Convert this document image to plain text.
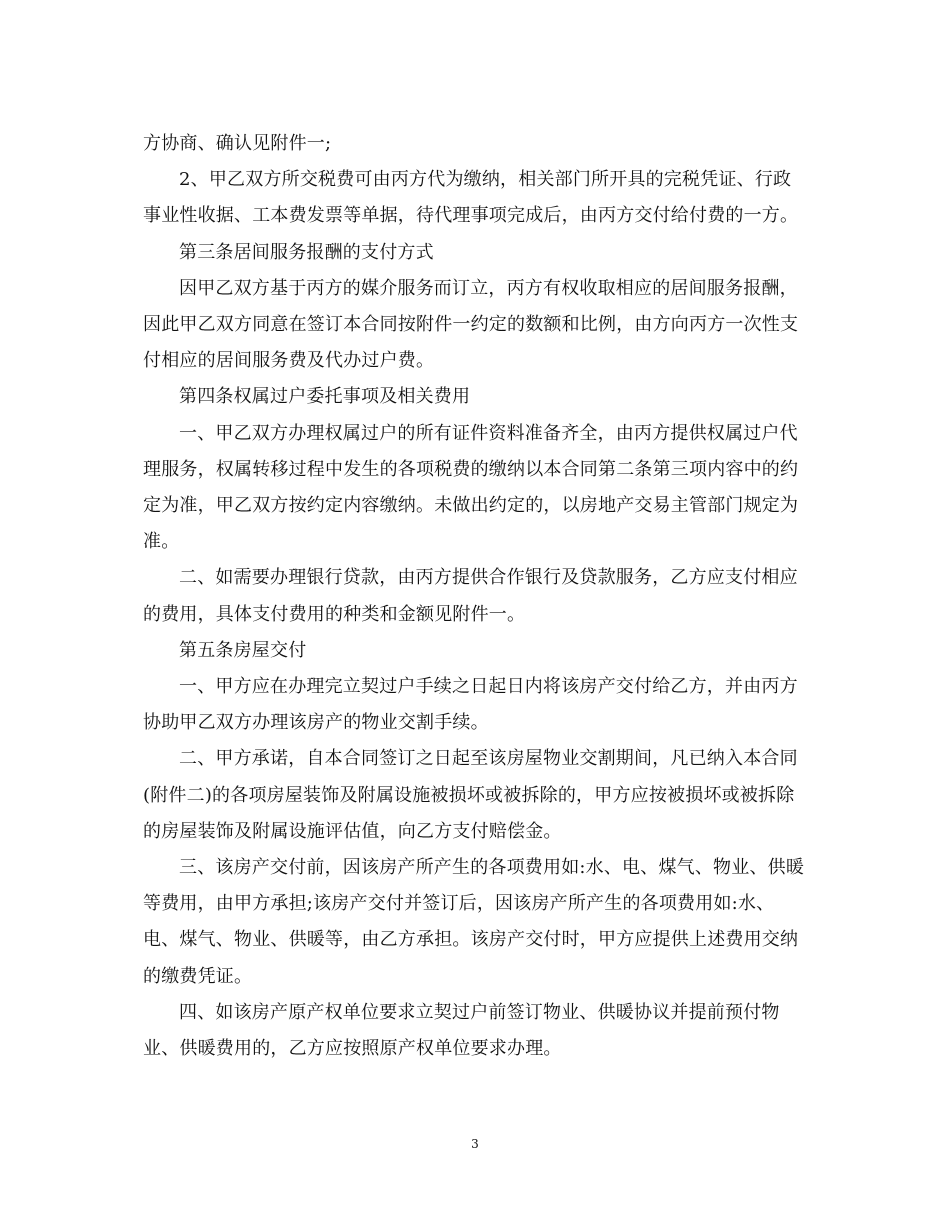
方协商、确认见附件一;

2、甲乙双方所交税费可由丙方代为缴纳，相关部门所开具的完税凭证、行政事业性收据、工本费发票等单据，待代理事项完成后，由丙方交付给付费的一方。

第三条居间服务报酬的支付方式

因甲乙双方基于丙方的媒介服务而订立，丙方有权收取相应的居间服务报酬，因此甲乙双方同意在签订本合同按附件一约定的数额和比例，由方向丙方一次性支付相应的居间服务费及代办过户费。

第四条权属过户委托事项及相关费用

一、甲乙双方办理权属过户的所有证件资料准备齐全，由丙方提供权属过户代理服务，权属转移过程中发生的各项税费的缴纳以本合同第二条第三项内容中的约定为准，甲乙双方按约定内容缴纳。未做出约定的，以房地产交易主管部门规定为准。

二、如需要办理银行贷款，由丙方提供合作银行及贷款服务，乙方应支付相应的费用，具体支付费用的种类和金额见附件一。

第五条房屋交付

一、甲方应在办理完立契过户手续之日起日内将该房产交付给乙方，并由丙方协助甲乙双方办理该房产的物业交割手续。

二、甲方承诺，自本合同签订之日起至该房屋物业交割期间，凡已纳入本合同(附件二)的各项房屋装饰及附属设施被损坏或被拆除的，甲方应按被损坏或被拆除的房屋装饰及附属设施评估值，向乙方支付赔偿金。

三、该房产交付前，因该房产所产生的各项费用如:水、电、煤气、物业、供暖等费用，由甲方承担;该房产交付并签订后，因该房产所产生的各项费用如:水、电、煤气、物业、供暖等，由乙方承担。该房产交付时，甲方应提供上述费用交纳的缴费凭证。

四、如该房产原产权单位要求立契过户前签订物业、供暖协议并提前预付物业、供暖费用的，乙方应按照原产权单位要求办理。

3
